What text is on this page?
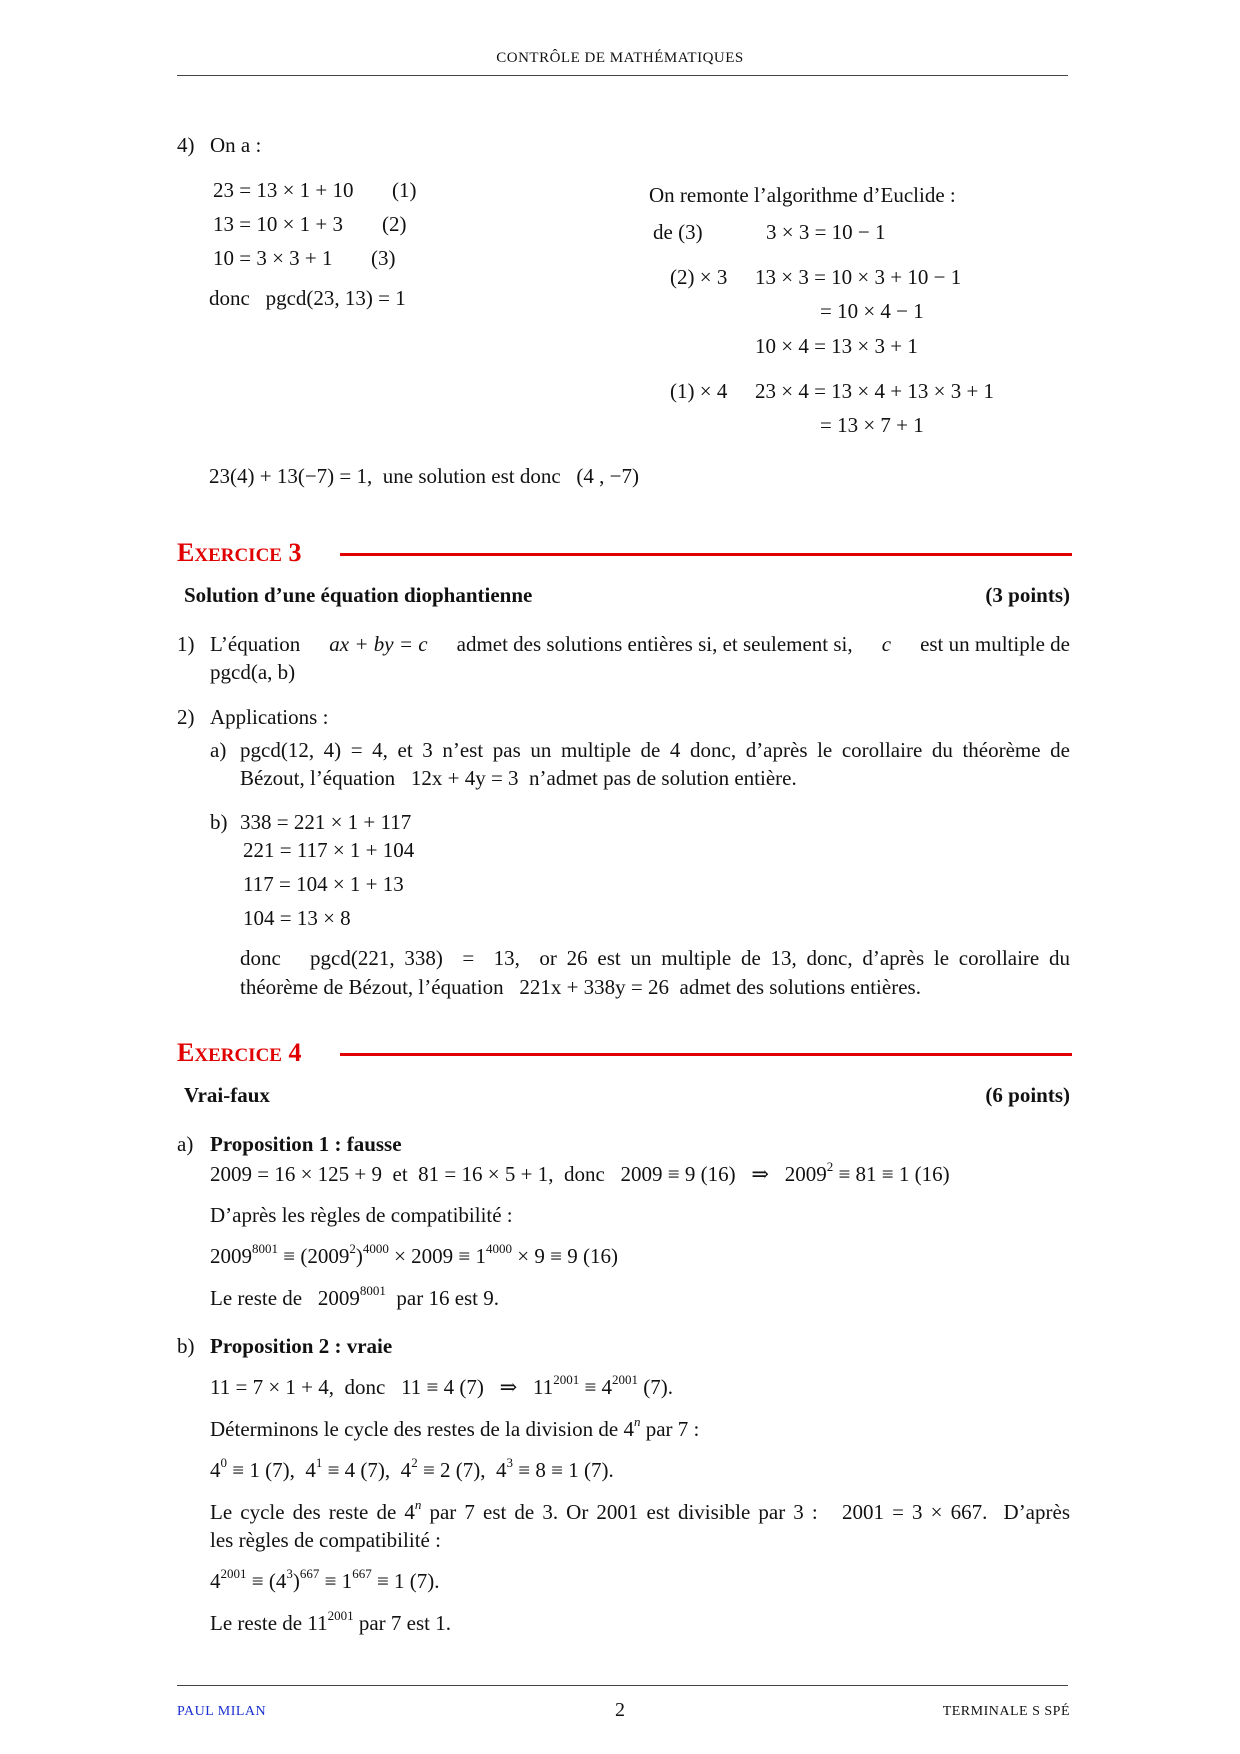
CONTRÔLE DE MATHÉMATIQUES
4) On a :
23 = 13 × 1 + 10 (1)
13 = 10 × 1 + 3 (2)
10 = 3 × 3 + 1 (3)
donc   pgcd(23, 13) = 1
On remonte l’algorithme d’Euclide :
de (3)	3 × 3 = 10 − 1
(2) × 3 13 × 3 = 10 × 3 + 10 − 1
= 10 × 4 − 1
10 × 4 = 13 × 3 + 1
(1) × 4 23 × 4 = 13 × 4 + 13 × 3 + 1
= 13 × 7 + 1
23(4) + 13(−7) = 1,  une solution est donc   (4 , −7)
EXERCICE 3
Solution d’une équation diophantienne	(3 points)
1) L’équation ax + by = c admet des solutions entières si, et seulement si, c est un multiple de
pgcd(a, b)
2) Applications :
a) pgcd(12, 4) = 4, et 3 n’est pas un multiple de 4 donc, d’après le corollaire du théorème de
Bézout, l’équation   12x + 4y = 3  n’admet pas de solution entière.
b) 338 = 221 × 1 + 117
221 = 117 × 1 + 104
117 = 104 × 1 + 13
104 = 13 × 8
donc   pgcd(221, 338)  =  13,  or 26 est un multiple de 13, donc, d’après le corollaire du
théorème de Bézout, l’équation   221x + 338y = 26  admet des solutions entières.
EXERCICE 4
Vrai-faux	(6 points)
a) Proposition 1 : fausse
2009 = 16 × 125 + 9  et  81 = 16 × 5 + 1,  donc   2009 ≡ 9 (16)   ⇒   $2009^2 \equiv 81 \equiv 1$ (16)
D’après les règles de compatibilité :
$2009^{8001} \equiv (2009^2)^{4000} \times 2009 \equiv 1^{4000} \times 9 \equiv 9$ (16)
Le reste de   $2009^{8001}$  par 16 est 9.
b) Proposition 2 : vraie
11 = 7 × 1 + 4,  donc   11 ≡ 4 (7)   ⇒   $11^{2001} \equiv 4^{2001}$ (7).
Déterminons le cycle des restes de la division de 4$^n$ par 7 :
$4^0 \equiv 1$ (7),  $4^1 \equiv 4$ (7),  $4^2 \equiv 2$ (7),  $4^3 \equiv 8 \equiv 1$ (7).
Le cycle des reste de 4$^n$ par 7 est de 3. Or 2001 est divisible par 3 :   2001 = 3 × 667.  D’après
les règles de compatibilité :
$4^{2001} \equiv (4^3)^{667} \equiv 1^{667} \equiv 1$ (7).
Le reste de $11^{2001}$ par 7 est 1.
PAUL MILAN	2	TERMINALE S SPÉ
